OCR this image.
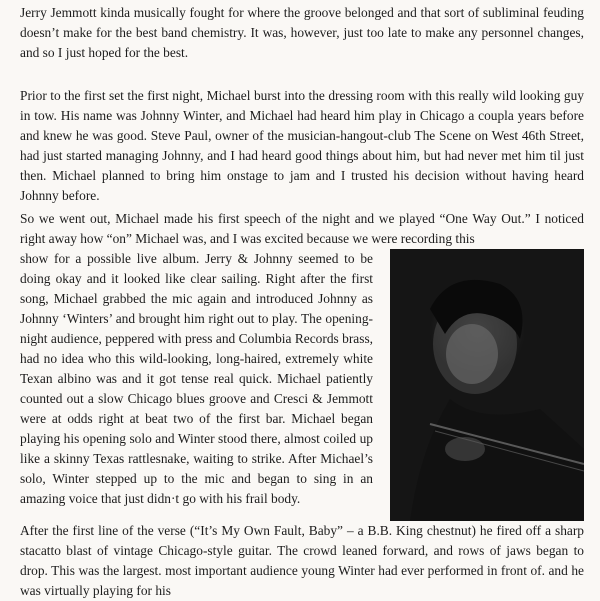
Jerry Jemmott kinda musically fought for where the groove belonged and that sort of subliminal feuding doesn’t make for the best band chemistry. It was, however, just too late to make any personnel changes, and so I just hoped for the best.

Prior to the first set the first night, Michael burst into the dressing room with this really wild looking guy in tow. His name was Johnny Winter, and Michael had heard him play in Chicago a coupla years before and knew he was good. Steve Paul, owner of the musician-hangout-club The Scene on West 46th Street, had just started managing Johnny, and I had heard good things about him, but had never met him til just then. Michael planned to bring him onstage to jam and I trusted his decision without having heard Johnny before.

So we went out, Michael made his first speech of the night and we played “One Way Out.” I noticed right away how “on” Michael was, and I was excited because we were recording this

show for a possible live album. Jerry & Johnny seemed to be doing okay and it looked like clear sailing. Right after the first song, Michael grabbed the mic again and introduced Johnny as Johnny ‘Winters’ and brought him right out to play. The opening-night audience, peppered with press and Columbia Records brass, had no idea who this wild-looking, long-haired, extremely white Texan albino was and it got tense real quick. Michael patiently counted out a slow Chicago blues groove and Cresci & Jemmott were at odds right at beat two of the first bar. Michael began playing his opening solo and Winter stood there, almost coiled up like a skinny Texas rattlesnake, waiting to strike. After Michael’s solo, Winter stepped up to the mic and began to sing in an amazing voice that just didn·t go with his frail body.

After the first line of the verse (“It’s My Own Fault, Baby” – a B.B. King chestnut) he fired off a sharp stacatto blast of vintage Chicago-style guitar. The crowd leaned forward, and rows of jaws began to drop. This was the largest. most important audience young Winter had ever performed in front of. and he was virtually playing for his
